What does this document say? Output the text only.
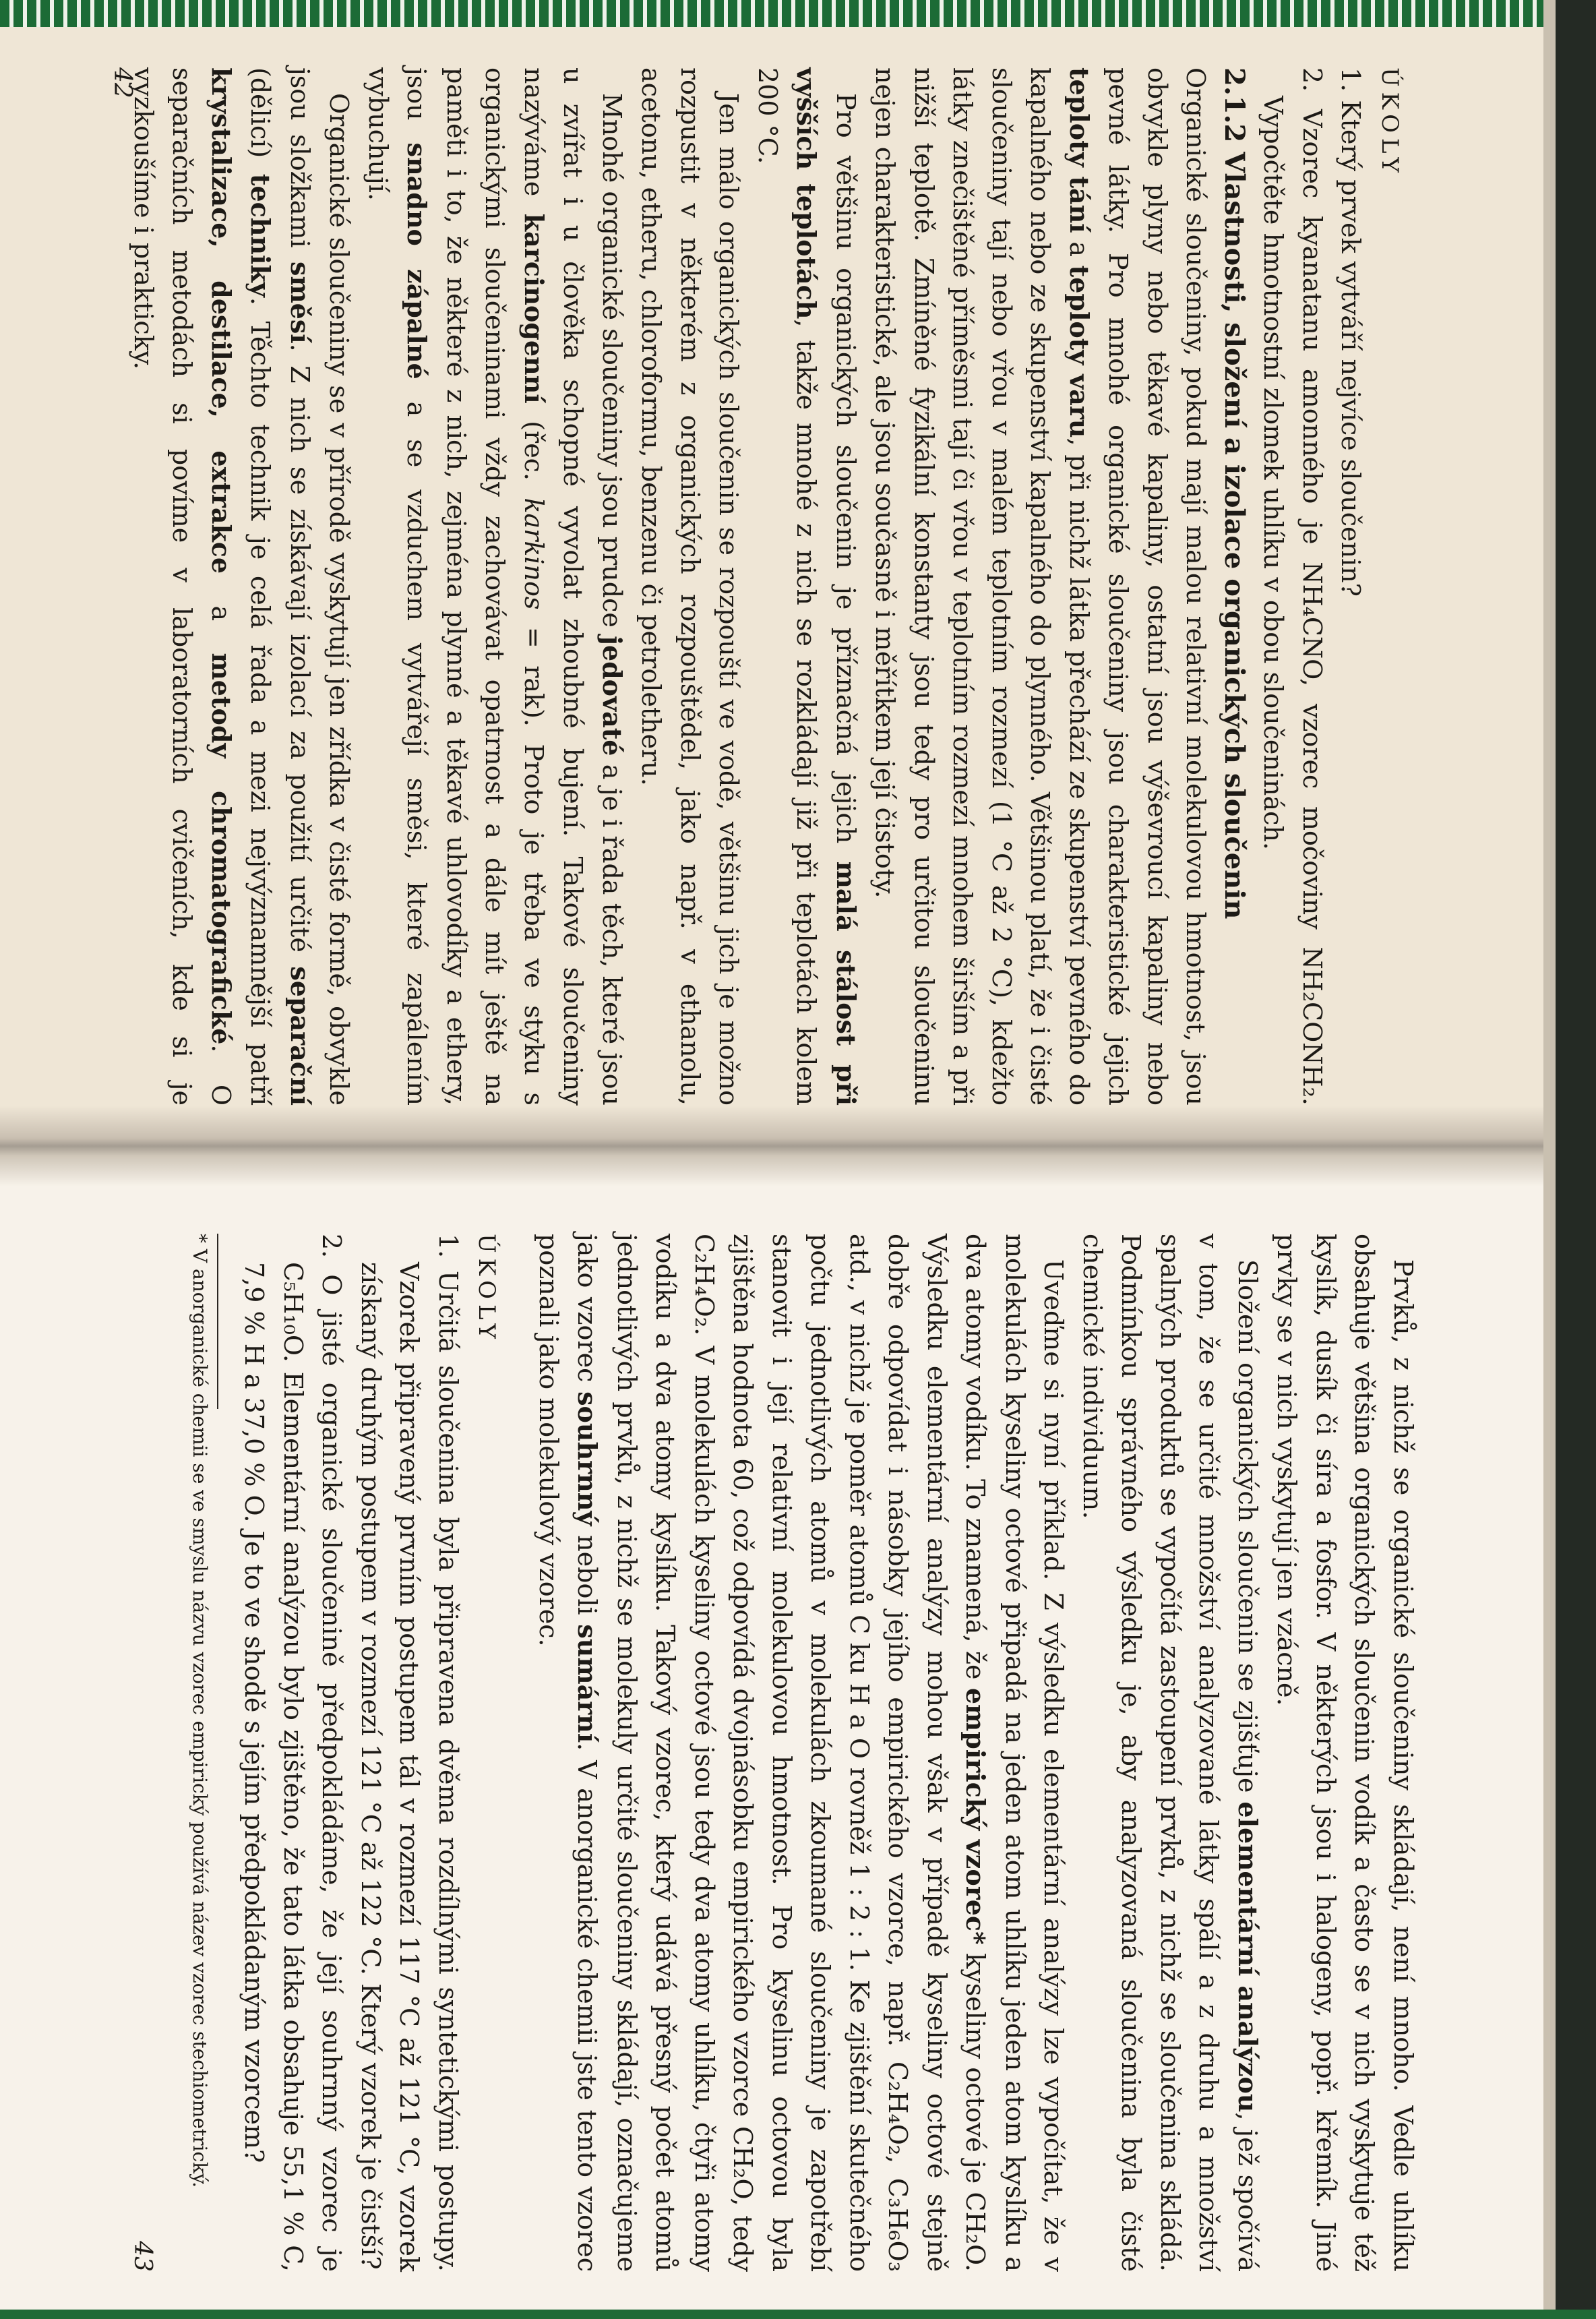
ÚKOLY

1. Který prvek vytváří nejvíce sloučenin?

2. Vzorec kyanatanu amonného je NH₄CNO, vzorec močoviny NH₂CONH₂. Vypočtěte hmotnostní zlomek uhlíku v obou sloučeninách.

2.1.2 Vlastnosti, složení a izolace organických sloučenin

Organické sloučeniny, pokud mají malou relativní molekulovou hmotnost, jsou obvykle plyny nebo těkavé kapaliny, ostatní jsou výševroucí kapaliny nebo pevné látky. Pro mnohé organické sloučeniny jsou charakteristické jejich teploty tání a teploty varu, při nichž látka přechází ze skupenství pevného do kapalného nebo ze skupenství kapalného do plynného. Většinou platí, že i čisté sloučeniny tají nebo vřou v malém teplotním rozmezí (1 °C až 2 °C), kdežto látky znečištěné příměsmi tají či vřou v teplotním rozmezí mnohem širším a při nižší teplotě. Zmíněné fyzikální konstanty jsou tedy pro určitou sloučeninu nejen charakteristické, ale jsou současně i měřítkem její čistoty.

Pro většinu organických sloučenin je příznačná jejich malá stálost při vyšších teplotách, takže mnohé z nich se rozkládají již při teplotách kolem 200 °C.

Jen málo organických sloučenin se rozpouští ve vodě, většinu jich je možno rozpustit v některém z organických rozpouštědel, jako např. v ethanolu, acetonu, etheru, chloroformu, benzenu či petroletheru.

Mnohé organické sloučeniny jsou prudce jedovaté a je i řada těch, které jsou u zvířat i u člověka schopné vyvolat zhoubné bujení. Takové sloučeniny nazýváme karcinogenní (řec. karkinos = rak). Proto je třeba ve styku s organickými sloučeninami vždy zachovávat opatrnost a dále mít ještě na paměti i to, že některé z nich, zejména plynné a těkavé uhlovodíky a ethery, jsou snadno zápalné a se vzduchem vytvářejí směsi, které zapálením vybuchují.

Organické sloučeniny se v přírodě vyskytují jen zřídka v čisté formě, obvykle jsou složkami směsí. Z nich se získávají izolací za použití určité separační (dělicí) techniky. Těchto technik je celá řada a mezi nejvýznamnější patří krystalizace, destilace, extrakce a metody chromatografické. O separačních metodách si povíme v laboratorních cvičeních, kde si je vyzkoušíme i prakticky.

42

Prvků, z nichž se organické sloučeniny skládají, není mnoho. Vedle uhlíku obsahuje většina organických sloučenin vodík a často se v nich vyskytuje též kyslík, dusík či síra a fosfor. V některých jsou i halogeny, popř. křemík. Jiné prvky se v nich vyskytují jen vzácně.

Složení organických sloučenin se zjišťuje elementární analýzou, jež spočívá v tom, že se určité množství analyzované látky spálí a z druhu a množství spalných produktů se vypočítá zastoupení prvků, z nichž se sloučenina skládá. Podmínkou správného výsledku je, aby analyzovaná sloučenina byla čisté chemické individuum.

Uveďme si nyní příklad. Z výsledku elementární analýzy lze vypočítat, že v molekulách kyseliny octové připadá na jeden atom uhlíku jeden atom kyslíku a dva atomy vodíku. To znamená, že empirický vzorec* kyseliny octové je CH₂O. Výsledku elementární analýzy mohou však v případě kyseliny octové stejně dobře odpovídat i násobky jejího empirického vzorce, např. C₂H₄O₂, C₃H₆O₃ atd., v nichž je poměr atomů C ku H a O rovněž 1 : 2 : 1. Ke zjištění skutečného počtu jednotlivých atomů v molekulách zkoumané sloučeniny je zapotřebí stanovit i její relativní molekulovou hmotnost. Pro kyselinu octovou byla zjištěna hodnota 60, což odpovídá dvojnásobku empirického vzorce CH₂O, tedy C₂H₄O₂. V molekulách kyseliny octové jsou tedy dva atomy uhlíku, čtyři atomy vodíku a dva atomy kyslíku. Takový vzorec, který udává přesný počet atomů jednotlivých prvků, z nichž se molekuly určité sloučeniny skládají, označujeme jako vzorec souhrnný neboli sumární. V anorganické chemii jste tento vzorec poznali jako molekulový vzorec.

ÚKOLY

1. Určitá sloučenina byla připravena dvěma rozdílnými syntetickými postupy. Vzorek připravený prvním postupem tál v rozmezí 117 °C až 121 °C, vzorek získaný druhým postupem v rozmezí 121 °C až 122 °C. Který vzorek je čistší?

2. O jisté organické sloučenině předpokládáme, že její souhrnný vzorec je C₅H₁₀O. Elementární analýzou bylo zjištěno, že tato látka obsahuje 55,1 % C, 7,9 % H a 37,0 % O. Je to ve shodě s jejím předpokládaným vzorcem?

* V anorganické chemii se ve smyslu názvu vzorec empirický používá název vzorec stechiometrický.

43
